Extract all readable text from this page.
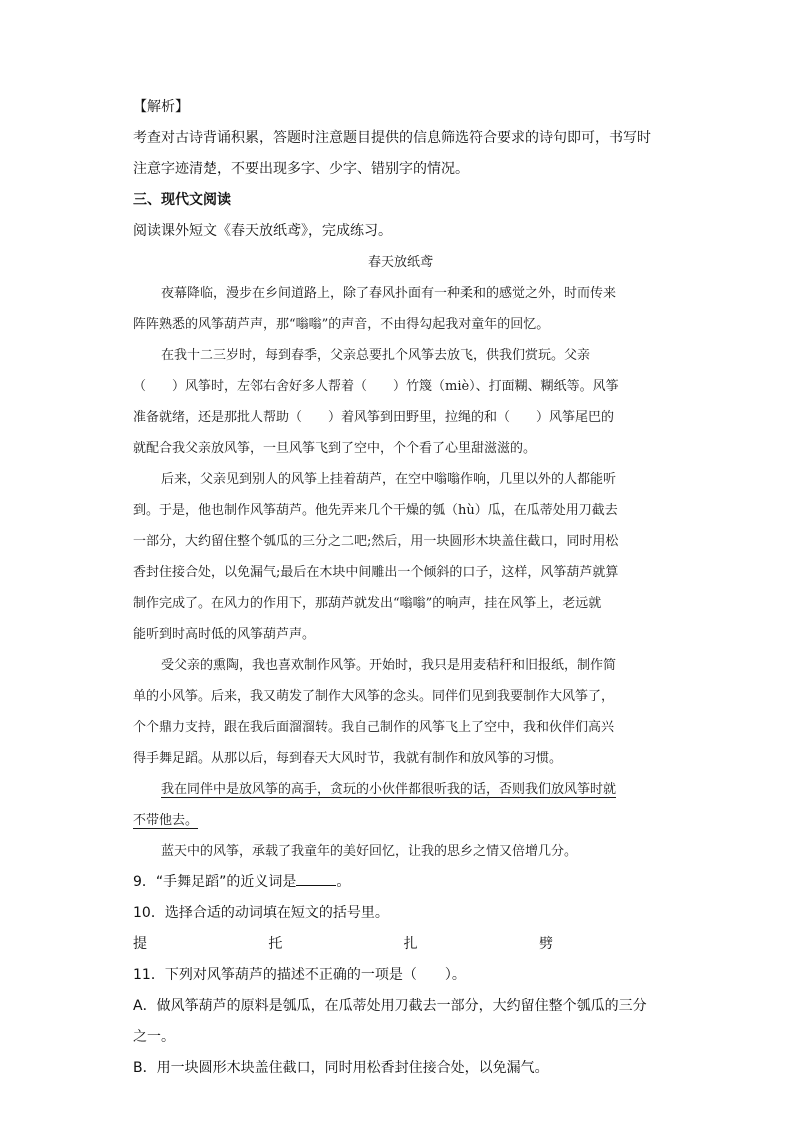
【解析】
考查对古诗背诵积累，答题时注意题目提供的信息筛选符合要求的诗句即可，书写时
注意字迹清楚，不要出现多字、少字、错别字的情况。
三、现代文阅读
阅读课外短文《春天放纸鸢》，完成练习。
春天放纸鸢
夜幕降临，漫步在乡间道路上，除了春风扑面有一种柔和的感觉之外，时而传来
阵阵熟悉的风筝葫芦声，那“嗡嗡”的声音，不由得勾起我对童年的回忆。
在我十二三岁时，每到春季，父亲总要扎个风筝去放飞，供我们赏玩。父亲
（　　）风筝时，左邻右舍好多人帮着（　　）竹篾（miè）、打面糊、糊纸等。风筝
准备就绪，还是那批人帮助（　　）着风筝到田野里，拉绳的和（　　）风筝尾巴的
就配合我父亲放风筝，一旦风筝飞到了空中，个个看了心里甜滋滋的。
后来，父亲见到别人的风筝上挂着葫芦，在空中嗡嗡作响，几里以外的人都能听
到。于是，他也制作风筝葫芦。他先弄来几个干燥的瓠（hù）瓜，在瓜蒂处用刀截去
一部分，大约留住整个瓠瓜的三分之二吧;然后，用一块圆形木块盖住截口，同时用松
香封住接合处，以免漏气;最后在木块中间雕出一个倾斜的口子，这样，风筝葫芦就算
制作完成了。在风力的作用下，那葫芦就发出“嗡嗡”的响声，挂在风筝上，老远就
能听到时高时低的风筝葫芦声。
受父亲的熏陶，我也喜欢制作风筝。开始时，我只是用麦秸秆和旧报纸，制作简
单的小风筝。后来，我又萌发了制作大风筝的念头。同伴们见到我要制作大风筝了，
个个鼎力支持，跟在我后面溜溜转。我自己制作的风筝飞上了空中，我和伙伴们高兴
得手舞足蹈。从那以后，每到春天大风时节，我就有制作和放风筝的习惯。
我在同伴中是放风筝的高手，贪玩的小伙伴都很听我的话，否则我们放风筝时就
不带他去。
蓝天中的风筝，承载了我童年的美好回忆，让我的思乡之情又倍增几分。
9．“手舞足蹈”的近义词是	。
10．选择合适的动词填在短文的括号里。
提	托	扎	劈
11．下列对风筝葫芦的描述不正确的一项是（　　）。
A．做风筝葫芦的原料是瓠瓜，在瓜蒂处用刀截去一部分，大约留住整个瓠瓜的三分
之一。
B．用一块圆形木块盖住截口，同时用松香封住接合处，以免漏气。
